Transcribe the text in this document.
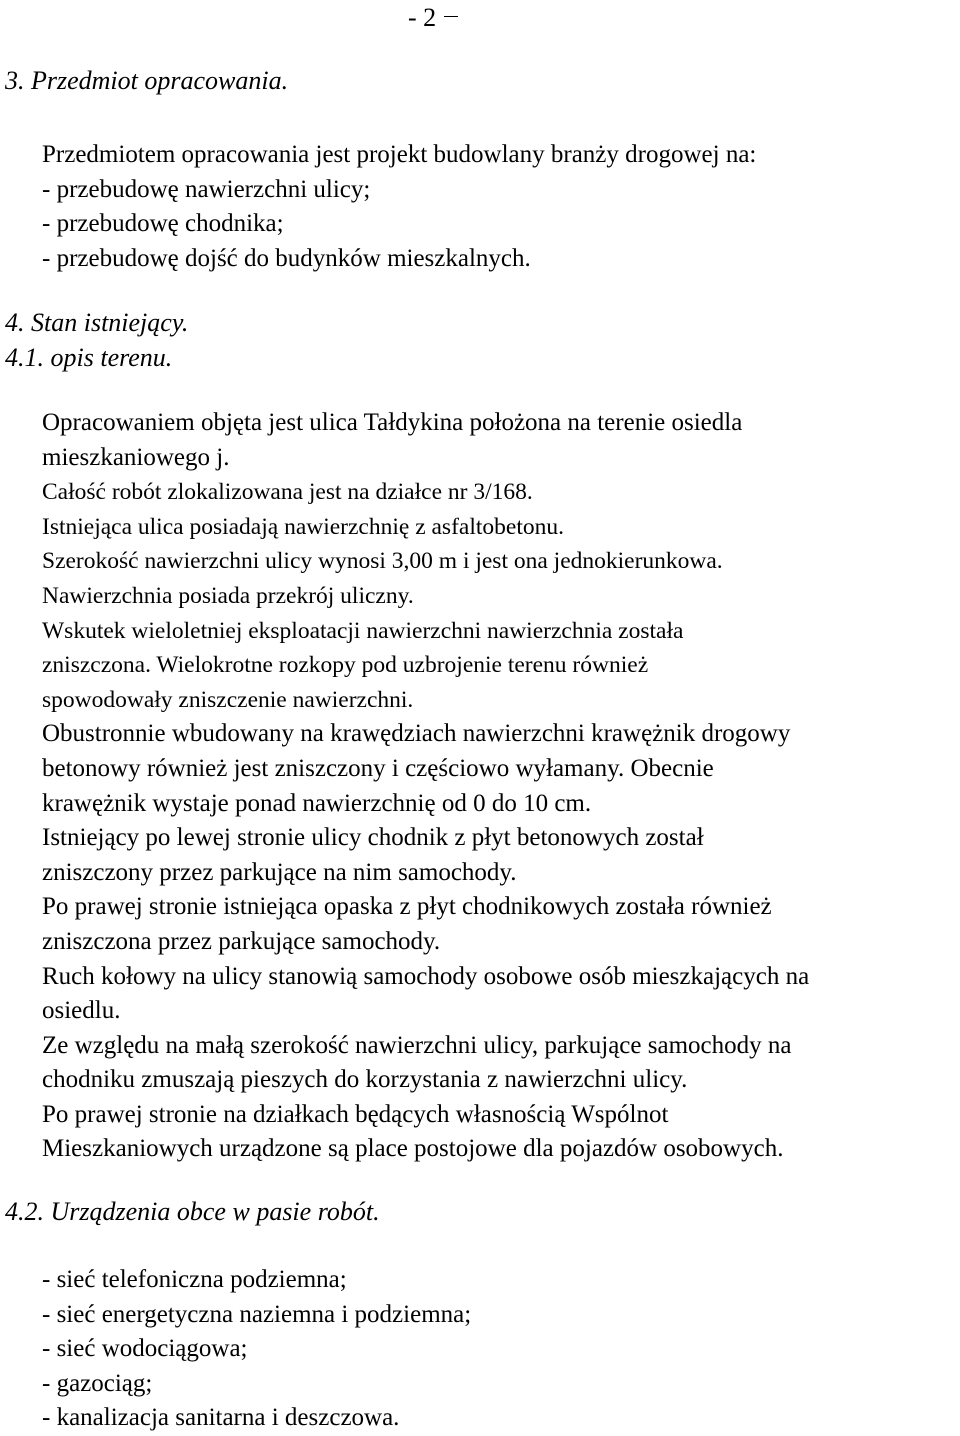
- 2
3. Przedmiot opracowania.
Przedmiotem opracowania jest projekt budowlany branży drogowej na:
- przebudowę nawierzchni ulicy;
- przebudowę chodnika;
- przebudowę dojść do budynków mieszkalnych.
4. Stan istniejący.
4.1. opis terenu.
Opracowaniem objęta jest ulica Tałdykina położona na terenie osiedla
mieszkaniowego j.
Całość robót zlokalizowana jest na działce nr 3/168.
Istniejąca ulica posiadają nawierzchnię z asfaltobetonu.
Szerokość nawierzchni ulicy wynosi 3,00 m i jest ona jednokierunkowa.
Nawierzchnia posiada przekrój uliczny.
Wskutek wieloletniej eksploatacji nawierzchni nawierzchnia została
zniszczona. Wielokrotne rozkopy pod uzbrojenie terenu również
spowodowały zniszczenie nawierzchni.
Obustronnie wbudowany na krawędziach nawierzchni krawężnik drogowy
betonowy również jest zniszczony i częściowo wyłamany. Obecnie
krawężnik wystaje ponad nawierzchnię od 0 do 10 cm.
Istniejący po lewej stronie ulicy chodnik z płyt betonowych został
zniszczony przez parkujące na nim samochody.
Po prawej stronie istniejąca opaska z płyt chodnikowych została również
zniszczona przez parkujące samochody.
Ruch kołowy na ulicy stanowią samochody osobowe osób mieszkających na
osiedlu.
Ze względu na małą szerokość nawierzchni ulicy, parkujące samochody na
chodniku zmuszają pieszych do korzystania z nawierzchni ulicy.
Po prawej stronie na działkach będących własnością Wspólnot
Mieszkaniowych urządzone są place postojowe dla pojazdów osobowych.
4.2. Urządzenia obce w pasie robót.
- sieć telefoniczna podziemna;
- sieć energetyczna naziemna i podziemna;
- sieć wodociągowa;
- gazociąg;
- kanalizacja sanitarna i deszczowa.
